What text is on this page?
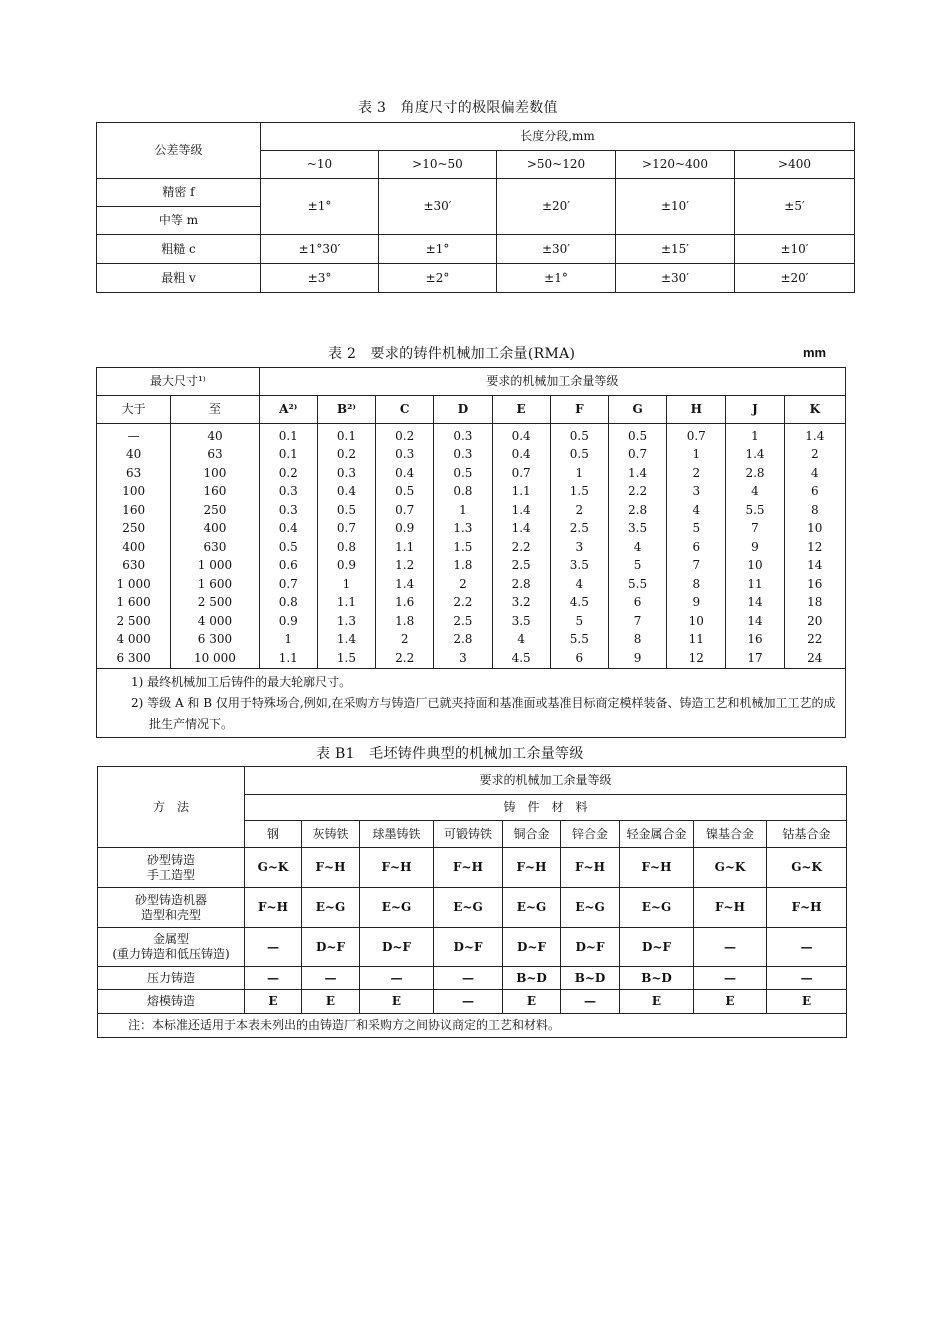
表 3　角度尺寸的极限偏差数值
公差等级	长度分段,mm				
	~10	>10~50	>50~120	>120~400	>400
精密 f	±1°	±30′	±20′	±10′	±5′
中等 m					
粗糙 c	±1°30′	±1°	±30′	±15′	±10′
最粗 v	±3°	±2°	±1°	±30′	±20′
表 2　要求的铸件机械加工余量(RMA)	mm
最大尺寸¹⁾		要求的机械加工余量等级									
大于	至	A²⁾	B²⁾	C	D	E	F	G	H	J	K
—	40	0.1	0.1	0.2	0.3	0.4	0.5	0.5	0.7	1	1.4
40	63	0.1	0.2	0.3	0.3	0.4	0.5	0.7	1	1.4	2
63	100	0.2	0.3	0.4	0.5	0.7	1	1.4	2	2.8	4
100	160	0.3	0.4	0.5	0.8	1.1	1.5	2.2	3	4	6
160	250	0.3	0.5	0.7	1	1.4	2	2.8	4	5.5	8
250	400	0.4	0.7	0.9	1.3	1.4	2.5	3.5	5	7	10
400	630	0.5	0.8	1.1	1.5	2.2	3	4	6	9	12
630	1 000	0.6	0.9	1.2	1.8	2.5	3.5	5	7	10	14
1 000	1 600	0.7	1	1.4	2	2.8	4	5.5	8	11	16
1 600	2 500	0.8	1.1	1.6	2.2	3.2	4.5	6	9	14	18
2 500	4 000	0.9	1.3	1.8	2.5	3.5	5	7	10	14	20
4 000	6 300	1	1.4	2	2.8	4	5.5	8	11	16	22
6 300	10 000	1.1	1.5	2.2	3	4.5	6	9	12	17	24

1) 最终机械加工后铸件的最大轮廓尺寸。
2) 等级 A 和 B 仅用于特殊场合,例如,在采购方与铸造厂已就夹持面和基准面或基准目标商定模样装备、铸造工艺和机械加工工艺的成批生产情况下。											
表 B1　毛坯铸件典型的机械加工余量等级
方　法	要求的机械加工余量等级								
	铸　件　材　料								
	钢	灰铸铁	球墨铸铁	可锻铸铁	铜合金	锌合金	轻金属合金	镍基合金	钴基合金

砂型铸造
手工造型	G~K	F~H	F~H	F~H	F~H	F~H	F~H	G~K	G~K

砂型铸造机器
造型和壳型	F~H	E~G	E~G	E~G	E~G	E~G	E~G	F~H	F~H

金属型
(重力铸造和低压铸造)	—	D~F	D~F	D~F	D~F	D~F	D~F	—	—

压力铸造	—	—	—	—	B~D	B~D	B~D	—	—

熔模铸造	E	E	E	—	E	—	E	E	E
注：本标准还适用于本表未列出的由铸造厂和采购方之间协议商定的工艺和材料。									
